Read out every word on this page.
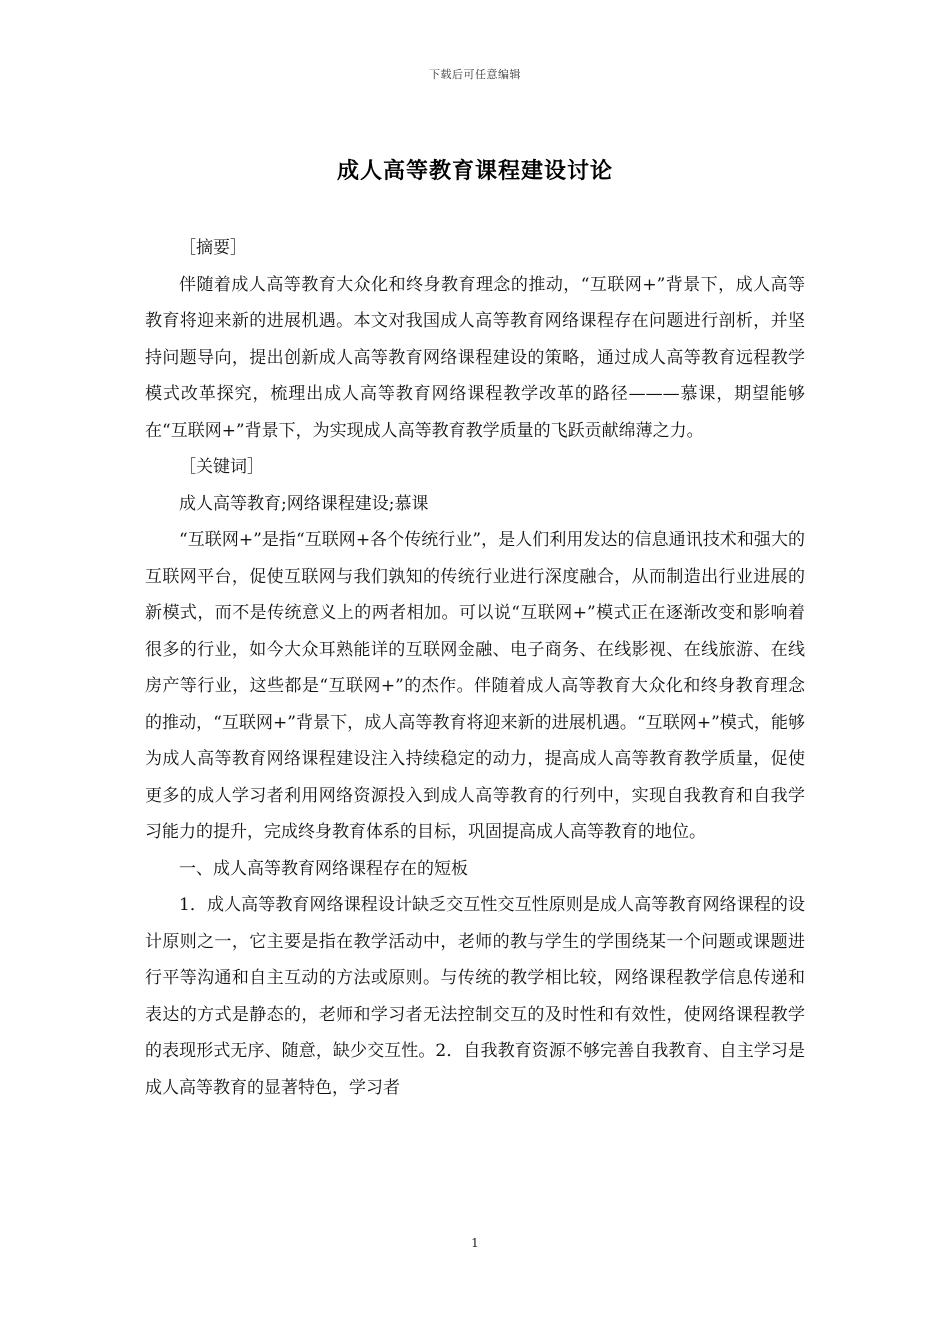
下载后可任意编辑
成人高等教育课程建设讨论

［摘要］

伴随着成人高等教育大众化和终身教育理念的推动，“互联网+”背景下，成人高等教育将迎来新的进展机遇。本文对我国成人高等教育网络课程存在问题进行剖析，并坚持问题导向，提出创新成人高等教育网络课程建设的策略，通过成人高等教育远程教学模式改革探究，梳理出成人高等教育网络课程教学改革的路径———慕课，期望能够在“互联网+”背景下，为实现成人高等教育教学质量的飞跃贡献绵薄之力。

［关键词］

成人高等教育;网络课程建设;慕课

“互联网+”是指“互联网+各个传统行业”，是人们利用发达的信息通讯技术和强大的互联网平台，促使互联网与我们孰知的传统行业进行深度融合，从而制造出行业进展的新模式，而不是传统意义上的两者相加。可以说“互联网+”模式正在逐渐改变和影响着很多的行业，如今大众耳熟能详的互联网金融、电子商务、在线影视、在线旅游、在线房产等行业，这些都是“互联网+”的杰作。伴随着成人高等教育大众化和终身教育理念的推动，“互联网+”背景下，成人高等教育将迎来新的进展机遇。“互联网+”模式，能够为成人高等教育网络课程建设注入持续稳定的动力，提高成人高等教育教学质量，促使更多的成人学习者利用网络资源投入到成人高等教育的行列中，实现自我教育和自我学习能力的提升，完成终身教育体系的目标，巩固提高成人高等教育的地位。

一、成人高等教育网络课程存在的短板

1．成人高等教育网络课程设计缺乏交互性交互性原则是成人高等教育网络课程的设计原则之一，它主要是指在教学活动中，老师的教与学生的学围绕某一个问题或课题进行平等沟通和自主互动的方法或原则。与传统的教学相比较，网络课程教学信息传递和表达的方式是静态的，老师和学习者无法控制交互的及时性和有效性，使网络课程教学的表现形式无序、随意，缺少交互性。2．自我教育资源不够完善自我教育、自主学习是成人高等教育的显著特色，学习者

1
